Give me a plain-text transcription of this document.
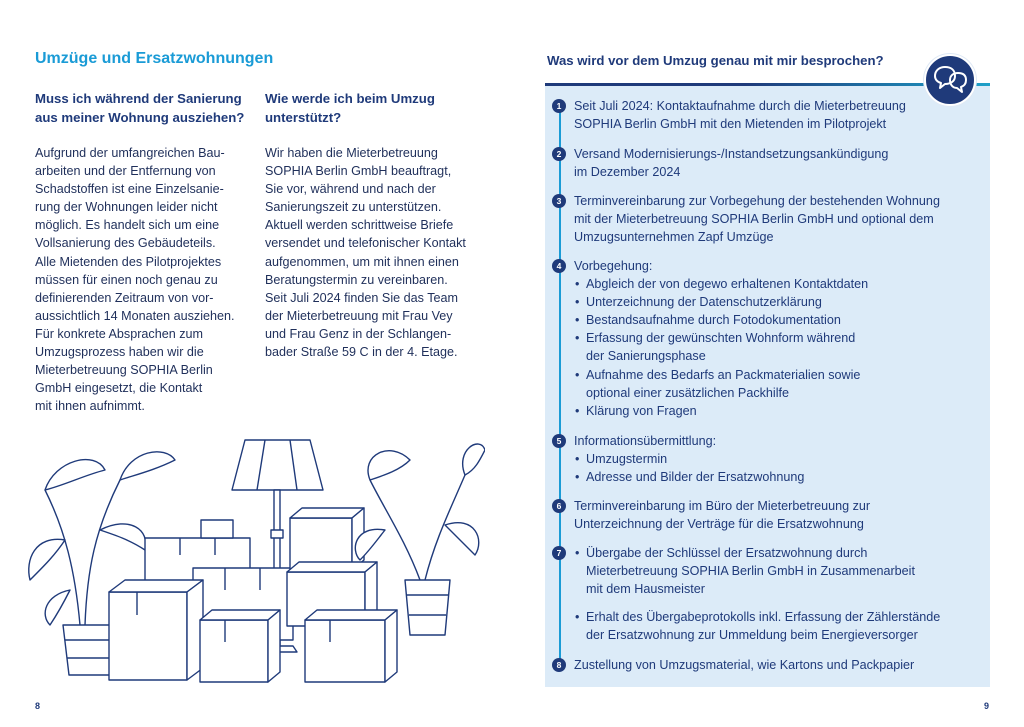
Umzüge und Ersatzwohnungen
Muss ich während der Sanierung
aus meiner Wohnung ausziehen?
Aufgrund der umfangreichen Bau-
arbeiten und der Entfernung von
Schadstoffen ist eine Einzelsanie-
rung der Wohnungen leider nicht
möglich. Es handelt sich um eine
Vollsanierung des Gebäudeteils.
Alle Mietenden des Pilotprojektes
müssen für einen noch genau zu
definierenden Zeitraum von vor-
aussichtlich 14 Monaten ausziehen.
Für konkrete Absprachen zum
Umzugsprozess haben wir die
Mieterbetreuung SOPHIA Berlin
GmbH eingesetzt, die Kontakt
mit ihnen aufnimmt.
Wie werde ich beim Umzug
unterstützt?
Wir haben die Mieterbetreuung
SOPHIA Berlin GmbH beauftragt,
Sie vor, während und nach der
Sanierungszeit zu unterstützen.
Aktuell werden schrittweise Briefe
versendet und telefonischer Kontakt
aufgenommen, um mit ihnen einen
Beratungstermin zu vereinbaren.
Seit Juli 2024 finden Sie das Team
der Mieterbetreuung mit Frau Vey
und Frau Genz in der Schlangen-
bader Straße 59 C in der 4. Etage.
8
Was wird vor dem Umzug genau mit mir besprochen?
1	Seit Juli 2024: Kontaktaufnahme durch die Mieterbetreuung
SOPHIA Berlin GmbH mit den Mietenden im Pilotprojekt
2	Versand Modernisierungs-/Instandsetzungsankündigung
im Dezember 2024
3	Terminvereinbarung zur Vorbegehung der bestehenden Wohnung
mit der Mieterbetreuung SOPHIA Berlin GmbH und optional dem
Umzugsunternehmen Zapf Umzüge
4	Vorbegehung:
• Abgleich der von degewo erhaltenen Kontaktdaten
• Unterzeichnung der Datenschutzerklärung
• Bestandsaufnahme durch Fotodokumentation
• Erfassung der gewünschten Wohnform während
der Sanierungsphase
• Aufnahme des Bedarfs an Packmaterialien sowie
optional einer zusätzlichen Packhilfe
• Klärung von Fragen
5	Informationsübermittlung:
• Umzugstermin
• Adresse und Bilder der Ersatzwohnung
6	Terminvereinbarung im Büro der Mieterbetreuung zur
Unterzeichnung der Verträge für die Ersatzwohnung
7
•	Übergabe der Schlüssel der Ersatzwohnung durch
Mieterbetreuung SOPHIA Berlin GmbH in Zusammenarbeit
mit dem Hausmeister
• Erhalt des Übergabeprotokolls inkl. Erfassung der Zählerstände
der Ersatzwohnung zur Ummeldung beim Energieversorger
8	Zustellung von Umzugsmaterial, wie Kartons und Packpapier
9
